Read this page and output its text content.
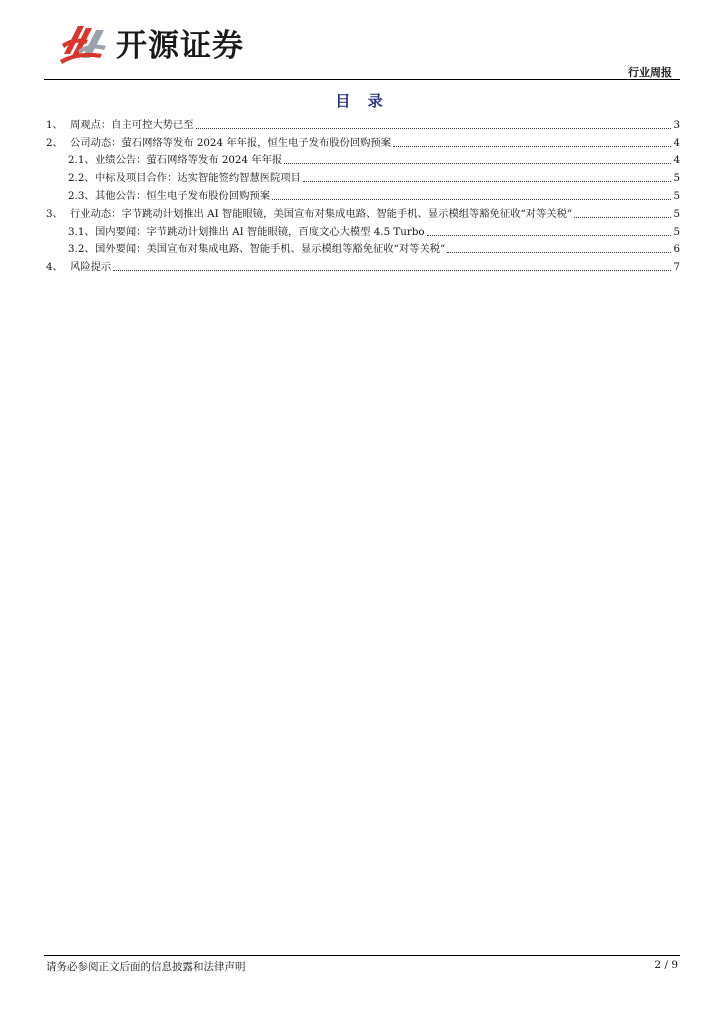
开源证券
行业周报
目 录
1、 周观点：自主可控大势已至	3
2、 公司动态：萤石网络等发布 2024 年年报，恒生电子发布股份回购预案	4
2.1、 业绩公告：萤石网络等发布 2024 年年报	4
2.2、 中标及项目合作：达实智能签约智慧医院项目	5
2.3、 其他公告：恒生电子发布股份回购预案	5
3、 行业动态：字节跳动计划推出 AI 智能眼镜，美国宣布对集成电路、智能手机、显示模组等豁免征收“对等关税”	5
3.1、 国内要闻：字节跳动计划推出 AI 智能眼镜，百度文心大模型 4.5 Turbo	5
3.2、 国外要闻：美国宣布对集成电路、智能手机、显示模组等豁免征收“对等关税”	6
4、 风险提示	7
请务必参阅正文后面的信息披露和法律声明	2 / 9
